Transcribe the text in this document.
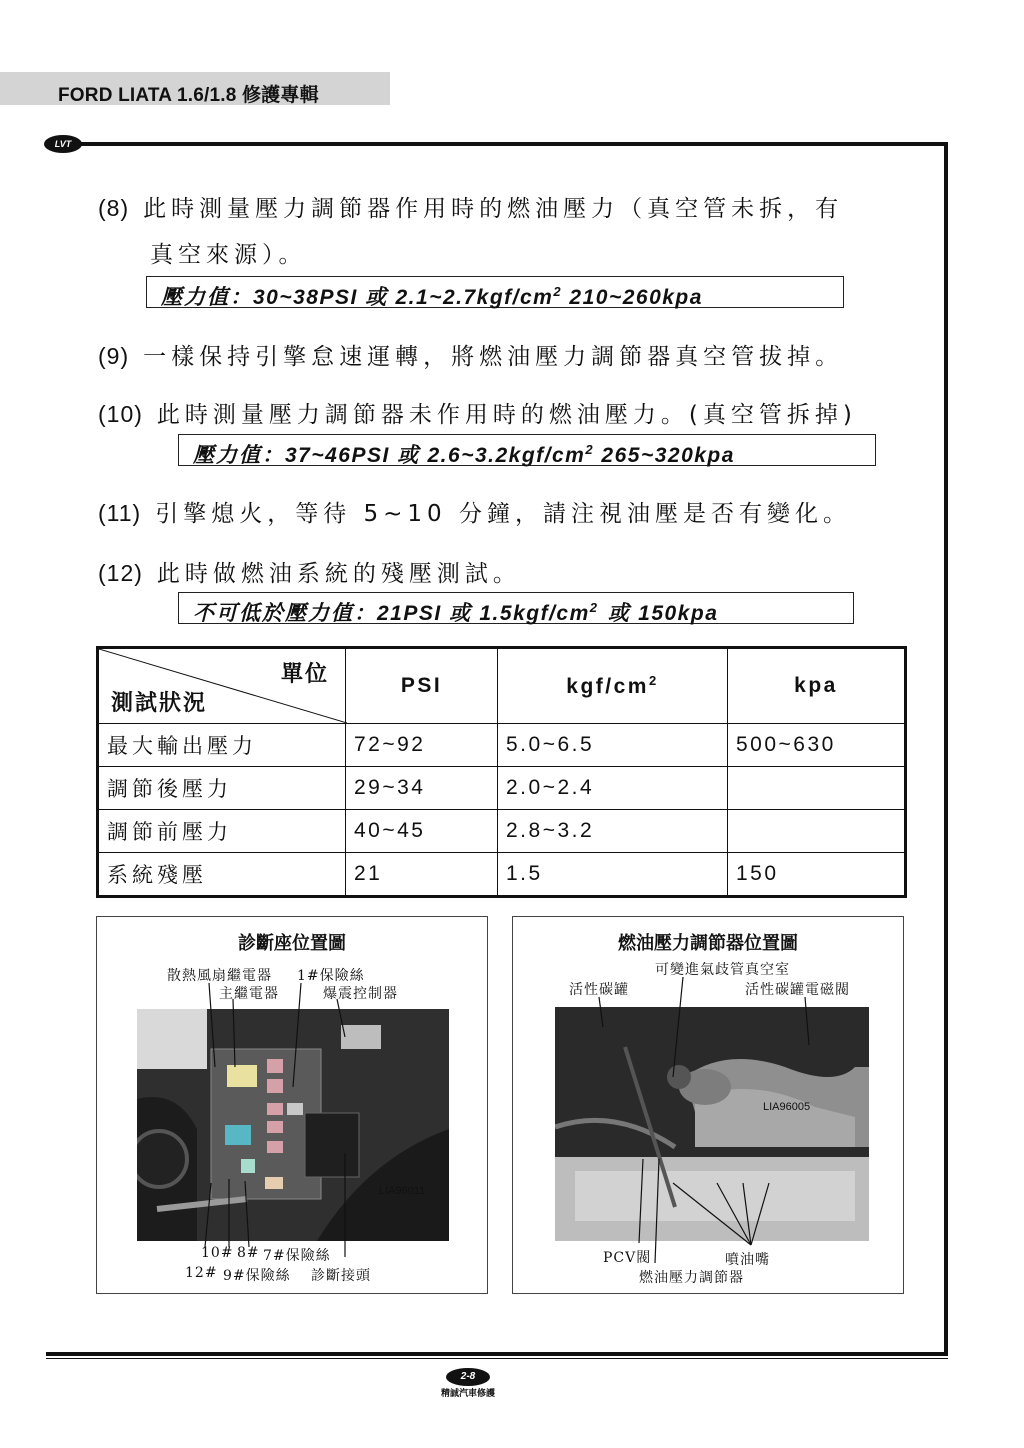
FORD LIATA 1.6/1.8 修護專輯
LVT
(8) 此時測量壓力調節器作用時的燃油壓力（真空管未拆，有
真空來源）。
壓力值：30~38PSI 或 $2.1\sim 2.7kgf/cm^2$ 210~260kpa
(9) 一樣保持引擎怠速運轉，將燃油壓力調節器真空管拔掉。
(10) 此時測量壓力調節器未作用時的燃油壓力。(真空管拆掉)
壓力值：37~46PSI 或 $2.6\sim 3.2kgf/cm^2$ 265~320kpa
(11) 引擎熄火，等待 5~10 分鐘，請注視油壓是否有變化。
(12) 此時做燃油系統的殘壓測試。
不可低於壓力值：21PSI 或 $1.5kgf/cm^2$ 或 150kpa
單位
測試狀況	PSI	kgf/$cm^2$	kpa
最大輸出壓力	72~92	5.0~6.5	500~630
調節後壓力	29~34	2.0~2.4	
調節前壓力	40~45	2.8~3.2	
系統殘壓	21	1.5	150
診斷座位置圖
散熱風扇繼電器 1#保險絲
主繼電器	爆震控制器
LIA96011
10# 8# 7#保險絲
12# 9#保險絲 診斷接頭
燃油壓力調節器位置圖
可變進氣歧管真空室
活性碳罐	活性碳罐電磁閥
LIA96005
PCV閥	噴油嘴
燃油壓力調節器
2-8
精誠汽車修護
